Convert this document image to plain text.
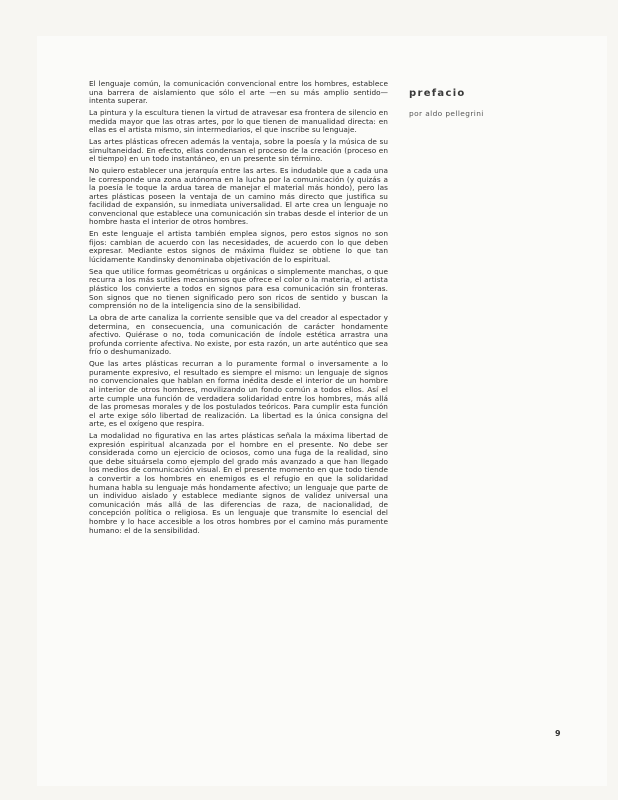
prefacio
por aldo pellegrini

El lenguaje común, la comunicación convencional entre los hombres, establece una barrera de aislamiento que sólo el arte —en su más amplio sentido— intenta superar.

La pintura y la escultura tienen la virtud de atravesar esa frontera de silencio en medida mayor que las otras artes, por lo que tienen de manualidad directa: en ellas es el artista mismo, sin intermediarios, el que inscribe su lenguaje.

Las artes plásticas ofrecen además la ventaja, sobre la poesía y la música de su simultaneidad. En efecto, ellas condensan el proceso de la creación (proceso en el tiempo) en un todo instantáneo, en un presente sin término.

No quiero establecer una jerarquía entre las artes. Es indudable que a cada una le corresponde una zona autónoma en la lucha por la comunicación (y quizás a la poesía le toque la ardua tarea de manejar el material más hondo), pero las artes plásticas poseen la ventaja de un camino más directo que justifica su facilidad de expansión, su inmediata universalidad. El arte crea un lenguaje no convencional que establece una comunicación sin trabas desde el interior de un hombre hasta el interior de otros hombres.

En este lenguaje el artista también emplea signos, pero estos signos no son fijos: cambian de acuerdo con las necesidades, de acuerdo con lo que deben expresar. Mediante estos signos de máxima fluidez se obtiene lo que tan lúcidamente Kandinsky denominaba objetivación de lo espiritual.

Sea que utilice formas geométricas u orgánicas o simplemente manchas, o que recurra a los más sutiles mecanismos que ofrece el color o la materia, el artista plástico los convierte a todos en signos para esa comunicación sin fronteras. Son signos que no tienen significado pero son ricos de sentido y buscan la comprensión no de la inteligencia sino de la sensibilidad.

La obra de arte canaliza la corriente sensible que va del creador al espectador y determina, en consecuencia, una comunicación de carácter hondamente afectivo. Quiérase o no, toda comunicación de índole estética arrastra una profunda corriente afectiva. No existe, por esta razón, un arte auténtico que sea frío o deshumanizado.

Que las artes plásticas recurran a lo puramente formal o inversamente a lo puramente expresivo, el resultado es siempre el mismo: un lenguaje de signos no convencionales que hablan en forma inédita desde el interior de un hombre al interior de otros hombres, movilizando un fondo común a todos ellos. Así el arte cumple una función de verdadera solidaridad entre los hombres, más allá de las promesas morales y de los postulados teóricos. Para cumplir esta función el arte exige sólo libertad de realización. La libertad es la única consigna del arte, es el oxígeno que respira.

La modalidad no figurativa en las artes plásticas señala la máxima libertad de expresión espiritual alcanzada por el hombre en el presente. No debe ser considerada como un ejercicio de ociosos, como una fuga de la realidad, sino que debe situársela como ejemplo del grado más avanzado a que han llegado los medios de comunicación visual. En el presente momento en que todo tiende a convertir a los hombres en enemigos es el refugio en que la solidaridad humana habla su lenguaje más hondamente afectivo; un lenguaje que parte de un individuo aislado y establece mediante signos de validez universal una comunicación más allá de las diferencias de raza, de nacionalidad, de concepción política o religiosa. Es un lenguaje que transmite lo esencial del hombre y lo hace accesible a los otros hombres por el camino más puramente humano: el de la sensibilidad.

9
